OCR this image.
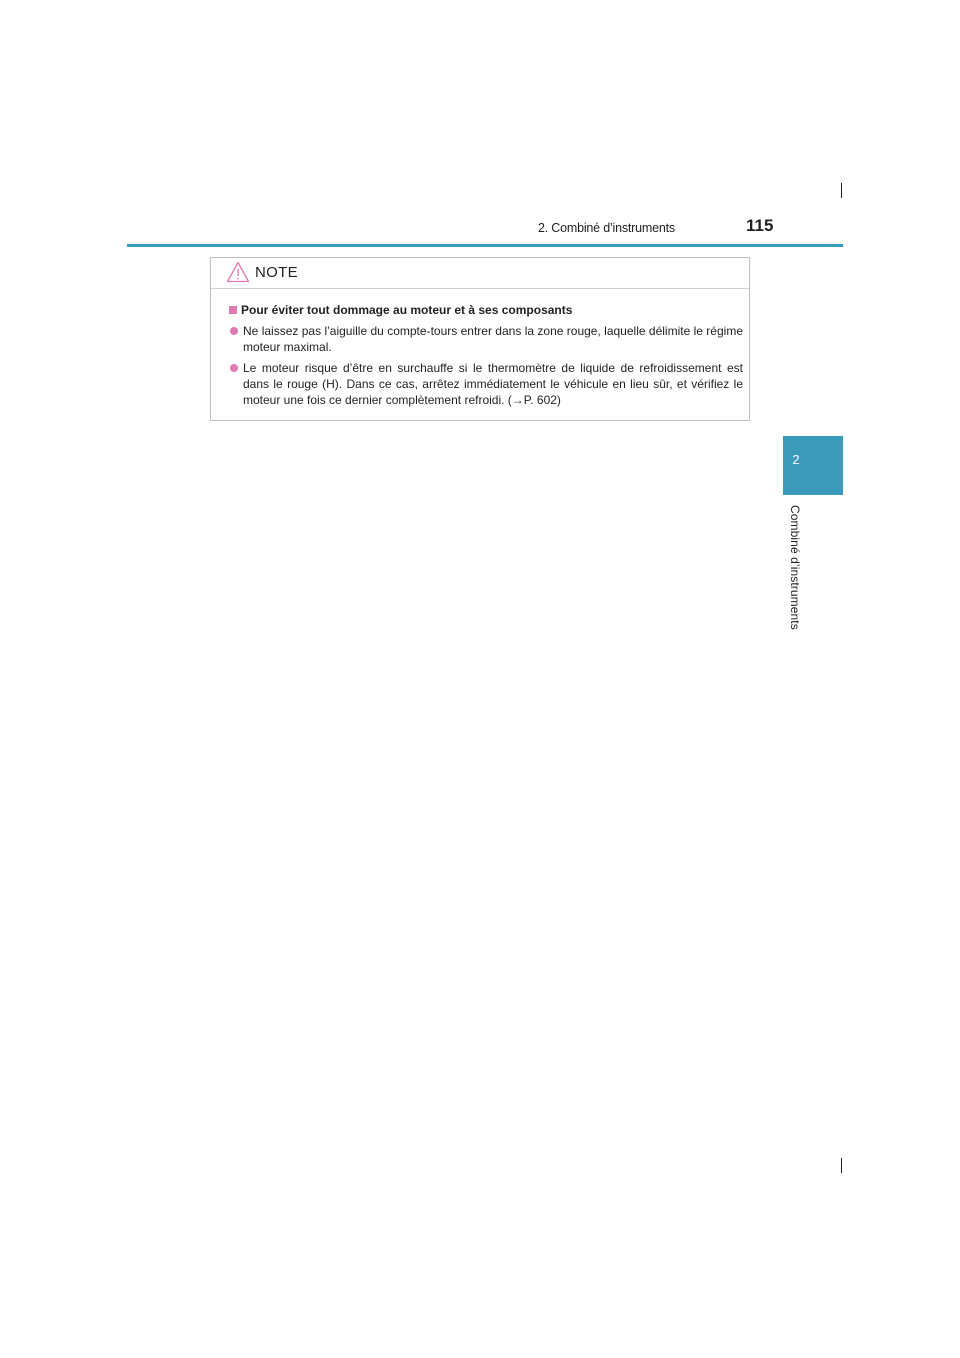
2. Combiné d’instruments	115
2
Combiné d’instruments
NOTE
Pour éviter tout dommage au moteur et à ses composants
Ne laissez pas l’aiguille du compte-tours entrer dans la zone rouge, laquelle délimite le régime moteur maximal.
Le moteur risque d’être en surchauffe si le thermomètre de liquide de refroidissement est dans le rouge (H). Dans ce cas, arrêtez immédiatement le véhicule en lieu sûr, et vérifiez le moteur une fois ce dernier complètement refroidi. (→P. 602)
